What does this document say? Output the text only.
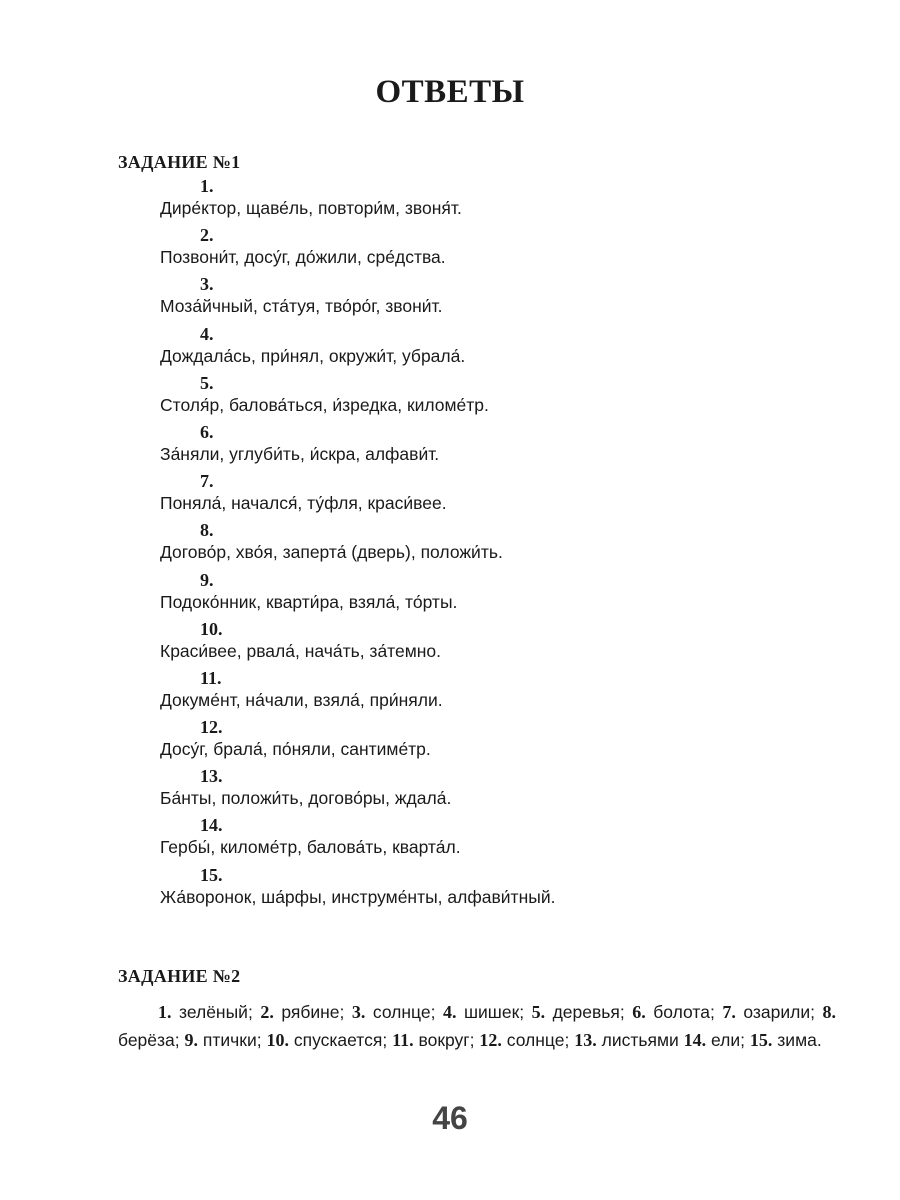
ОТВЕТЫ
ЗАДАНИЕ №1
1.
Дире́ктор, щаве́ль, повтори́м, звоня́т.
2.
Позвони́т, досу́г, до́жили, сре́дства.
3.
Моза́йчный, ста́туя, тво́ро́г, звони́т.
4.
Дождала́сь, при́нял, окружи́т, убрала́.
5.
Столя́р, балова́ться, и́зредка, киломе́тр.
6.
За́няли, углуби́ть, и́скра, алфави́т.
7.
Поняла́, начался́, ту́фля, краси́вее.
8.
Догово́р, хво́я, заперта́ (дверь), положи́ть.
9.
Подоко́нник, кварти́ра, взяла́, то́рты.
10.
Краси́вее, рвала́, нача́ть, за́темно.
11.
Докуме́нт, на́чали, взяла́, при́няли.
12.
Досу́г, брала́, по́няли, сантиме́тр.
13.
Ба́нты, положи́ть, догово́ры, ждала́.
14.
Гербы́, киломе́тр, балова́ть, кварта́л.
15.
Жа́воронок, ша́рфы, инструме́нты, алфави́тный.
ЗАДАНИЕ №2
1. зелёный; 2. рябине; 3. солнце; 4. шишек; 5. деревья; 6. болота; 7. озарили; 8. берёза; 9. птички; 10. спускается; 11. вокруг; 12. солнце; 13. листьями 14. ели; 15. зима.
46
